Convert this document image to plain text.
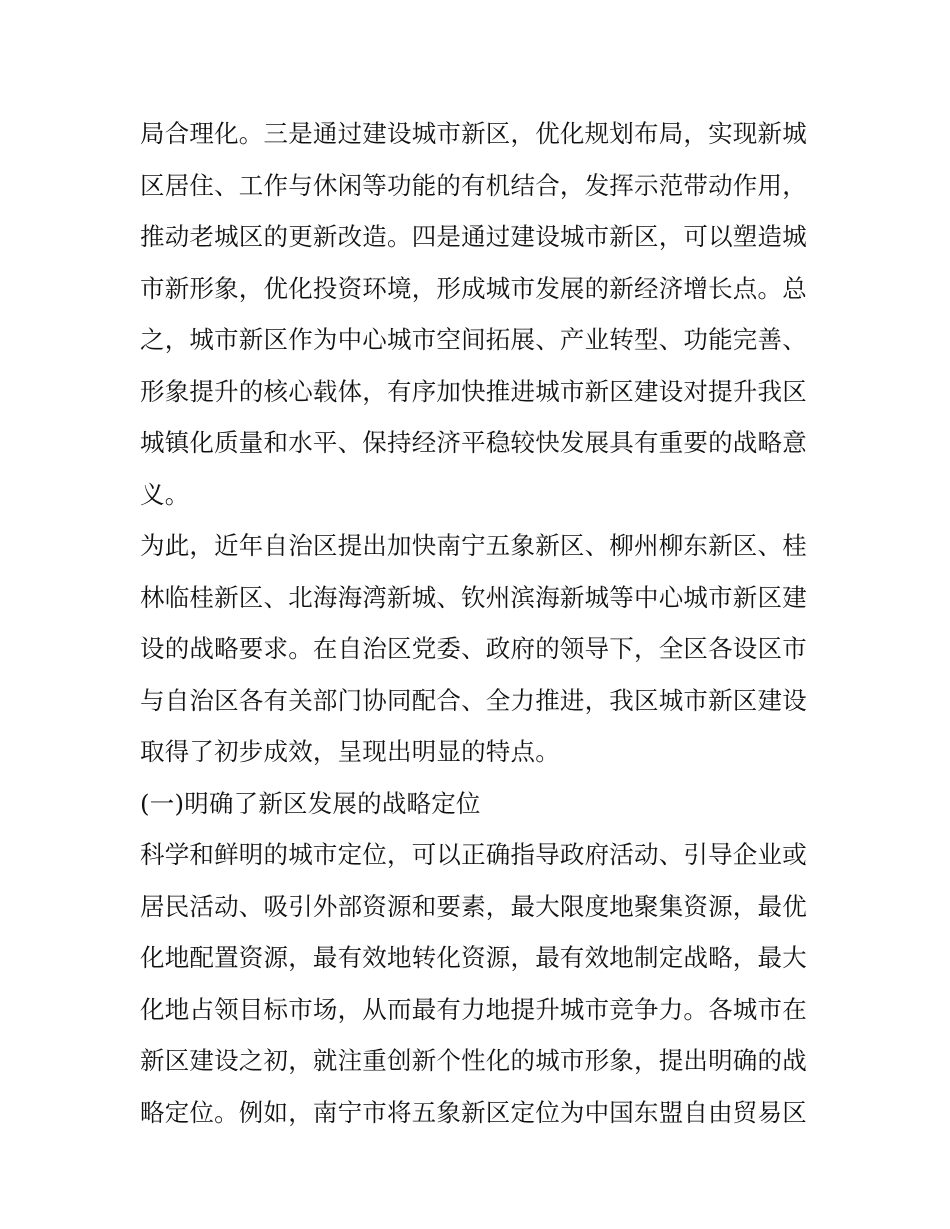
局合理化。三是通过建设城市新区，优化规划布局，实现新城
区居住、工作与休闲等功能的有机结合，发挥示范带动作用，
推动老城区的更新改造。四是通过建设城市新区，可以塑造城
市新形象，优化投资环境，形成城市发展的新经济增长点。总
之，城市新区作为中心城市空间拓展、产业转型、功能完善、
形象提升的核心载体，有序加快推进城市新区建设对提升我区
城镇化质量和水平、保持经济平稳较快发展具有重要的战略意
义。
为此，近年自治区提出加快南宁五象新区、柳州柳东新区、桂
林临桂新区、北海海湾新城、钦州滨海新城等中心城市新区建
设的战略要求。在自治区党委、政府的领导下，全区各设区市
与自治区各有关部门协同配合、全力推进，我区城市新区建设
取得了初步成效，呈现出明显的特点。
(一)明确了新区发展的战略定位
科学和鲜明的城市定位，可以正确指导政府活动、引导企业或
居民活动、吸引外部资源和要素，最大限度地聚集资源，最优
化地配置资源，最有效地转化资源，最有效地制定战略，最大
化地占领目标市场，从而最有力地提升城市竞争力。各城市在
新区建设之初，就注重创新个性化的城市形象，提出明确的战
略定位。例如，南宁市将五象新区定位为中国东盟自由贸易区
